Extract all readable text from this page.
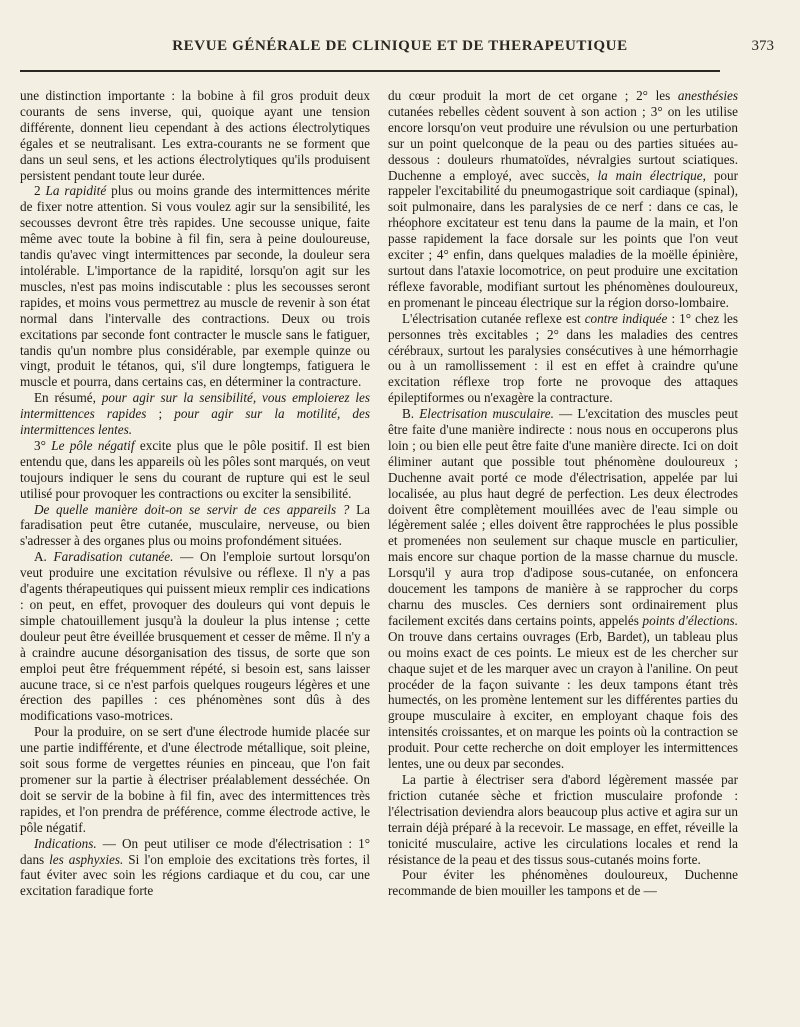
REVUE GÉNÉRALE DE CLINIQUE ET DE THERAPEUTIQUE	373

une distinction importante : la bobine à fil gros produit deux courants de sens inverse, qui, quoique ayant une tension différente, donnent lieu cependant à des actions électrolytiques égales et se neutralisant. Les extra-courants ne se forment que dans un seul sens, et les actions électrolytiques qu'ils produisent persistent pendant toute leur durée.

2 La rapidité plus ou moins grande des intermittences mérite de fixer notre attention. Si vous voulez agir sur la sensibilité, les secousses devront être très rapides. Une secousse unique, faite même avec toute la bobine à fil fin, sera à peine douloureuse, tandis qu'avec vingt intermittences par seconde, la douleur sera intolérable. L'importance de la rapidité, lorsqu'on agit sur les muscles, n'est pas moins indiscutable : plus les secousses seront rapides, et moins vous permettrez au muscle de revenir à son état normal dans l'intervalle des contractions. Deux ou trois excitations par seconde font contracter le muscle sans le fatiguer, tandis qu'un nombre plus considérable, par exemple quinze ou vingt, produit le tétanos, qui, s'il dure longtemps, fatiguera le muscle et pourra, dans certains cas, en déterminer la contracture.

En résumé, pour agir sur la sensibilité, vous emploierez les intermittences rapides ; pour agir sur la motilité, des intermittences lentes.

3° Le pôle négatif excite plus que le pôle positif. Il est bien entendu que, dans les appareils où les pôles sont marqués, on veut toujours indiquer le sens du courant de rupture qui est le seul utilisé pour provoquer les contractions ou exciter la sensibilité.

De quelle manière doit-on se servir de ces appareils ? La faradisation peut être cutanée, musculaire, nerveuse, ou bien s'adresser à des organes plus ou moins profondément situées.

A. Faradisation cutanée. — On l'emploie surtout lorsqu'on veut produire une excitation révulsive ou réflexe. Il n'y a pas d'agents thérapeutiques qui puissent mieux remplir ces indications : on peut, en effet, provoquer des douleurs qui vont depuis le simple chatouillement jusqu'à la douleur la plus intense ; cette douleur peut être éveillée brusquement et cesser de même. Il n'y a à craindre aucune désorganisation des tissus, de sorte que son emploi peut être fréquemment répété, si besoin est, sans laisser aucune trace, si ce n'est parfois quelques rougeurs légères et une érection des papilles : ces phénomènes sont dûs à des modifications vaso-motrices.

Pour la produire, on se sert d'une électrode humide placée sur une partie indifférente, et d'une électrode métallique, soit pleine, soit sous forme de vergettes réunies en pinceau, que l'on fait promener sur la partie à électriser préalablement desséchée. On doit se servir de la bobine à fil fin, avec des intermittences très rapides, et l'on prendra de préférence, comme électrode active, le pôle négatif.

Indications. — On peut utiliser ce mode d'électrisation : 1° dans les asphyxies. Si l'on emploie des excitations très fortes, il faut éviter avec soin les régions cardiaque et du cou, car une excitation faradique forte

du cœur produit la mort de cet organe ; 2° les anesthésies cutanées rebelles cèdent souvent à son action ; 3° on les utilise encore lorsqu'on veut produire une révulsion ou une perturbation sur un point quelconque de la peau ou des parties situées au-dessous : douleurs rhumatoïdes, névralgies surtout sciatiques. Duchenne a employé, avec succès, la main électrique, pour rappeler l'excitabilité du pneumogastrique soit cardiaque (spinal), soit pulmonaire, dans les paralysies de ce nerf : dans ce cas, le rhéophore excitateur est tenu dans la paume de la main, et l'on passe rapidement la face dorsale sur les points que l'on veut exciter ; 4° enfin, dans quelques maladies de la moëlle épinière, surtout dans l'ataxie locomotrice, on peut produire une excitation réflexe favorable, modifiant surtout les phénomènes douloureux, en promenant le pinceau électrique sur la région dorso-lombaire.

L'électrisation cutanée reflexe est contre indiquée : 1° chez les personnes très excitables ; 2° dans les maladies des centres cérébraux, surtout les paralysies consécutives à une hémorrhagie ou à un ramollissement : il est en effet à craindre qu'une excitation réflexe trop forte ne provoque des attaques épileptiformes ou n'exagère la contracture.

B. Electrisation musculaire. — L'excitation des muscles peut être faite d'une manière indirecte : nous nous en occuperons plus loin ; ou bien elle peut être faite d'une manière directe. Ici on doit éliminer autant que possible tout phénomène douloureux ; Duchenne avait porté ce mode d'électrisation, appelée par lui localisée, au plus haut degré de perfection. Les deux électrodes doivent être complètement mouillées avec de l'eau simple ou légèrement salée ; elles doivent être rapprochées le plus possible et promenées non seulement sur chaque muscle en particulier, mais encore sur chaque portion de la masse charnue du muscle. Lorsqu'il y aura trop d'adipose sous-cutanée, on enfoncera doucement les tampons de manière à se rapprocher du corps charnu des muscles. Ces derniers sont ordinairement plus facilement excités dans certains points, appelés points d'élections. On trouve dans certains ouvrages (Erb, Bardet), un tableau plus ou moins exact de ces points. Le mieux est de les chercher sur chaque sujet et de les marquer avec un crayon à l'aniline. On peut procéder de la façon suivante : les deux tampons étant très humectés, on les promène lentement sur les différentes parties du groupe musculaire à exciter, en employant chaque fois des intensités croissantes, et on marque les points où la contraction se produit. Pour cette recherche on doit employer les intermittences lentes, une ou deux par secondes.

La partie à électriser sera d'abord légèrement massée par friction cutanée sèche et friction musculaire profonde : l'électrisation deviendra alors beaucoup plus active et agira sur un terrain déjà préparé à la recevoir. Le massage, en effet, réveille la tonicité musculaire, active les circulations locales et rend la résistance de la peau et des tissus sous-cutanés moins forte.

Pour éviter les phénomènes douloureux, Duchenne recommande de bien mouiller les tampons et de —
